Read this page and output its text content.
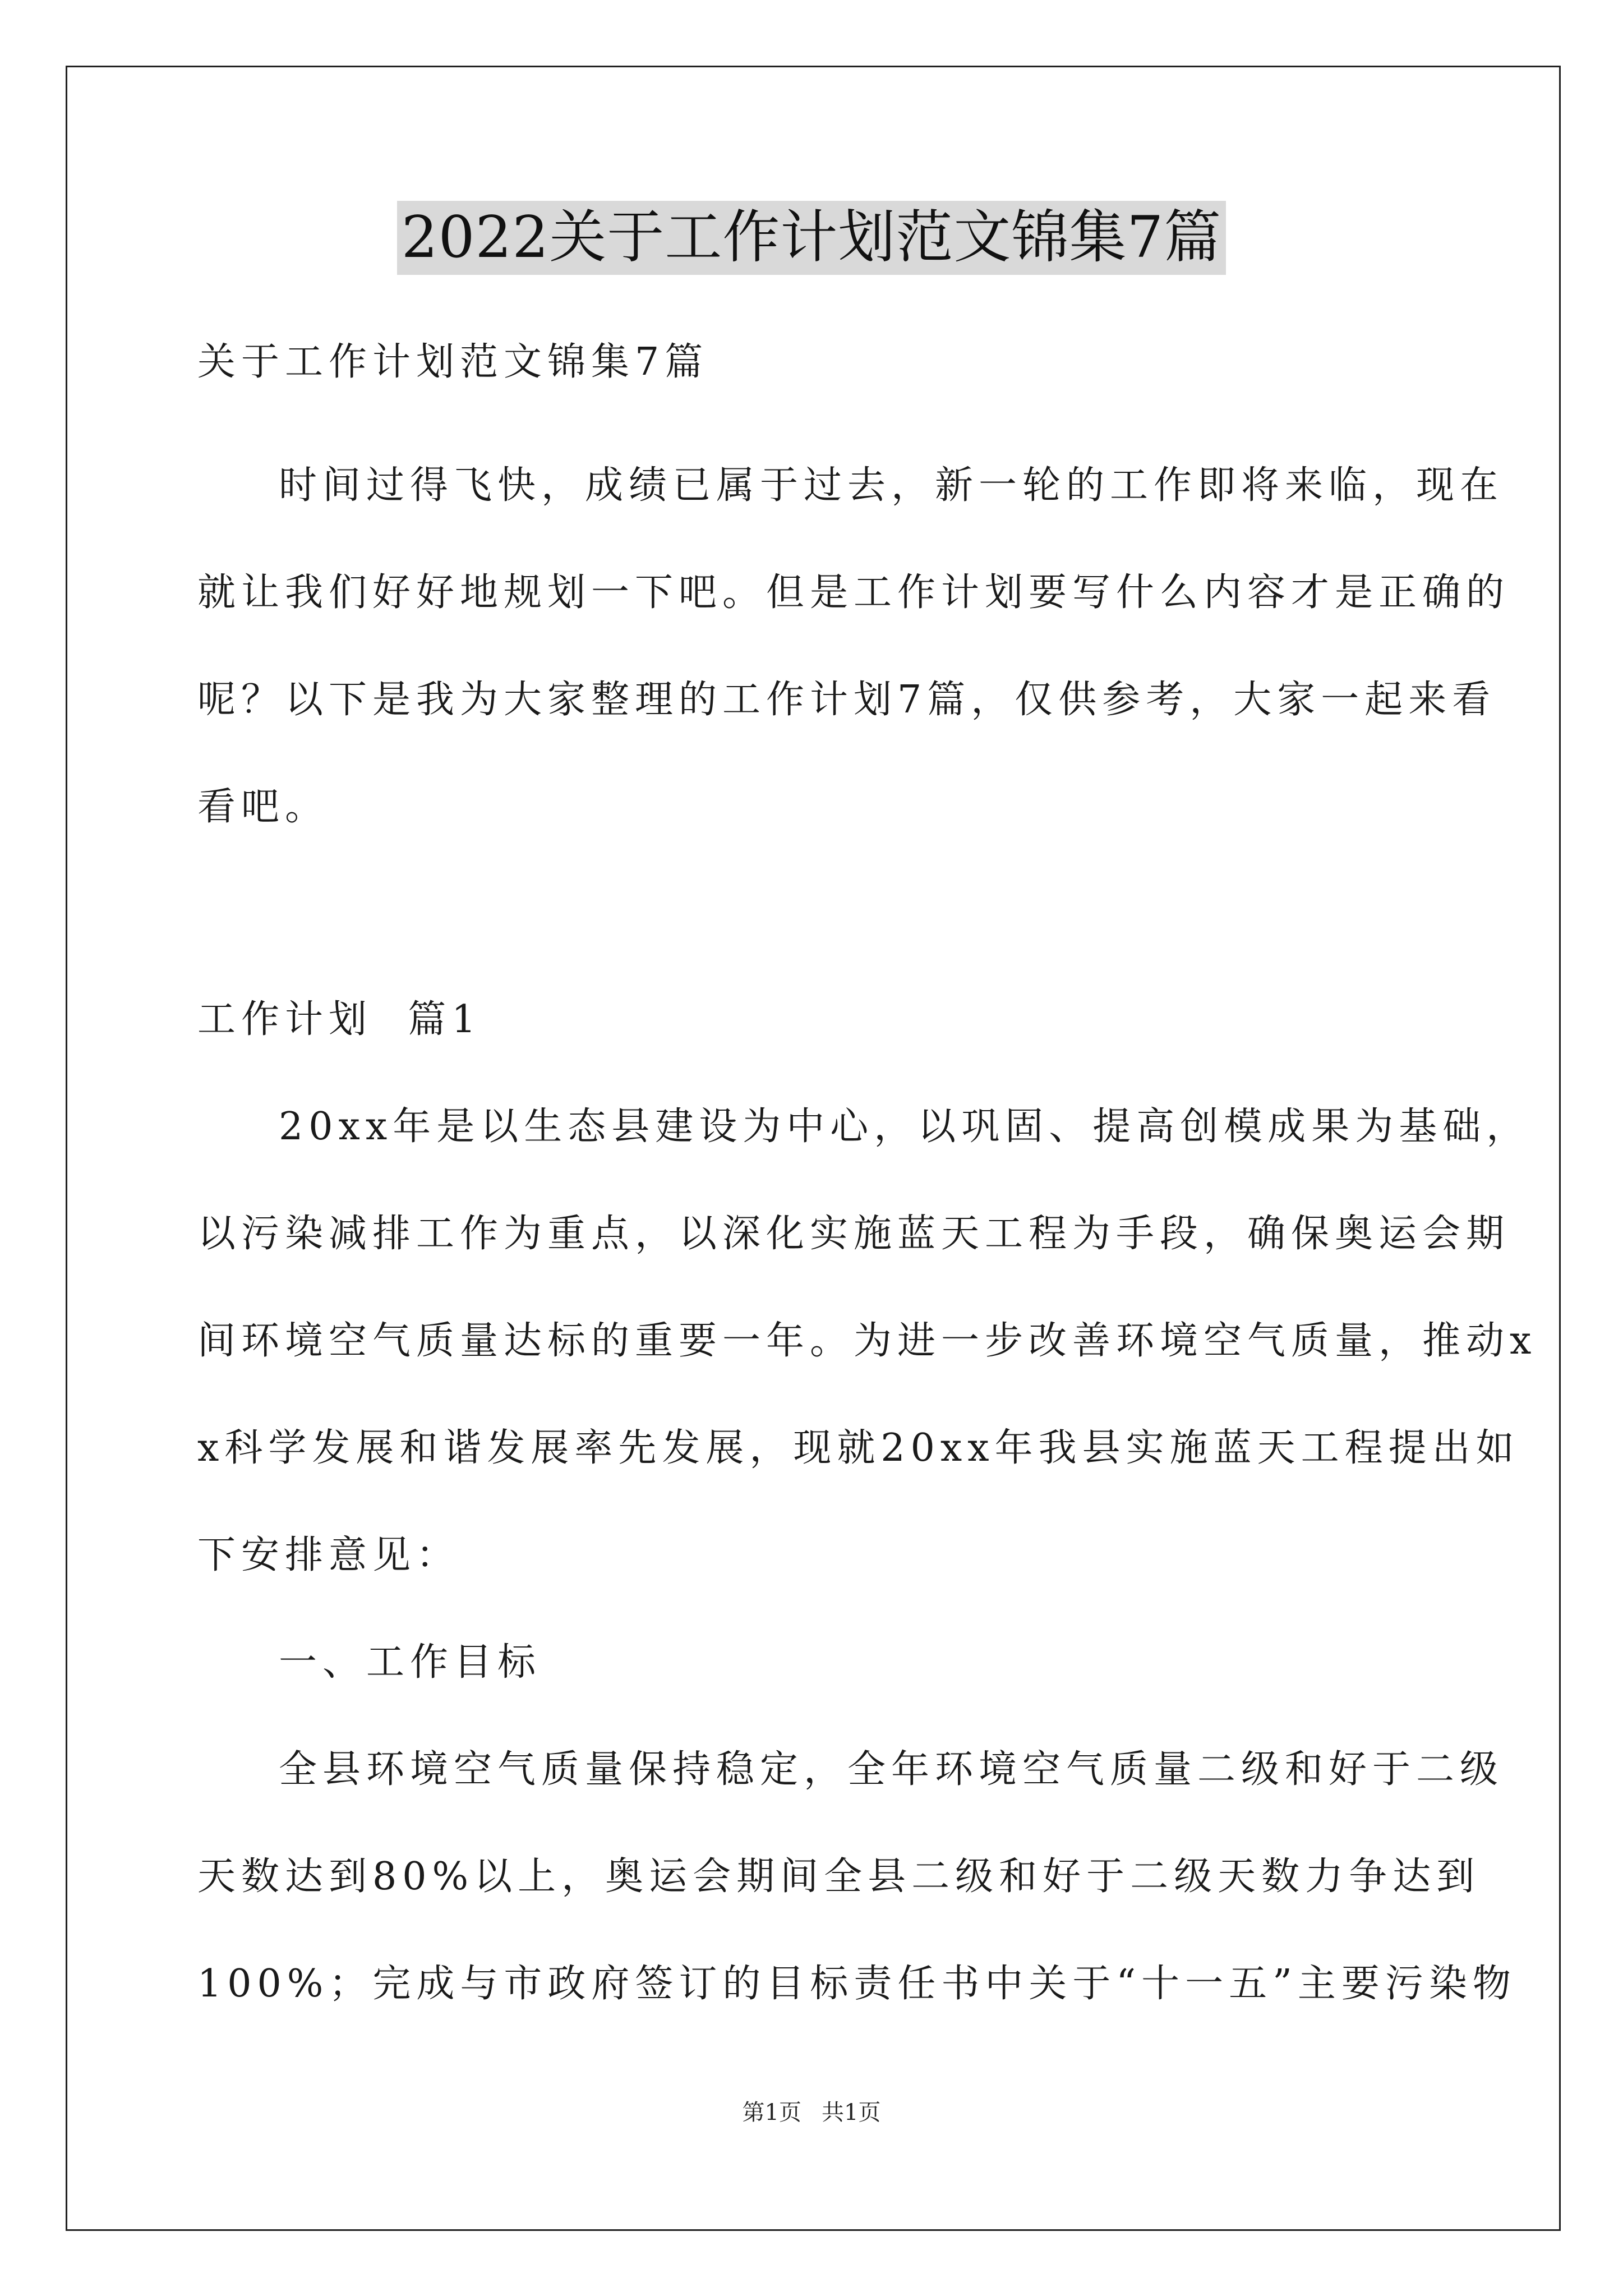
2022关于工作计划范文锦集7篇
关于工作计划范文锦集7篇
时间过得飞快，成绩已属于过去，新一轮的工作即将来临，现在
就让我们好好地规划一下吧。但是工作计划要写什么内容才是正确的
呢？以下是我为大家整理的工作计划7篇，仅供参考，大家一起来看
看吧。
工作计划  篇1
20xx年是以生态县建设为中心，以巩固、提高创模成果为基础，
以污染减排工作为重点，以深化实施蓝天工程为手段，确保奥运会期
间环境空气质量达标的重要一年。为进一步改善环境空气质量，推动x
x科学发展和谐发展率先发展，现就20xx年我县实施蓝天工程提出如
下安排意见：
一、工作目标
全县环境空气质量保持稳定，全年环境空气质量二级和好于二级
天数达到80%以上，奥运会期间全县二级和好于二级天数力争达到
100%；完成与市政府签订的目标责任书中关于“十一五”主要污染物
第1页 共1页
